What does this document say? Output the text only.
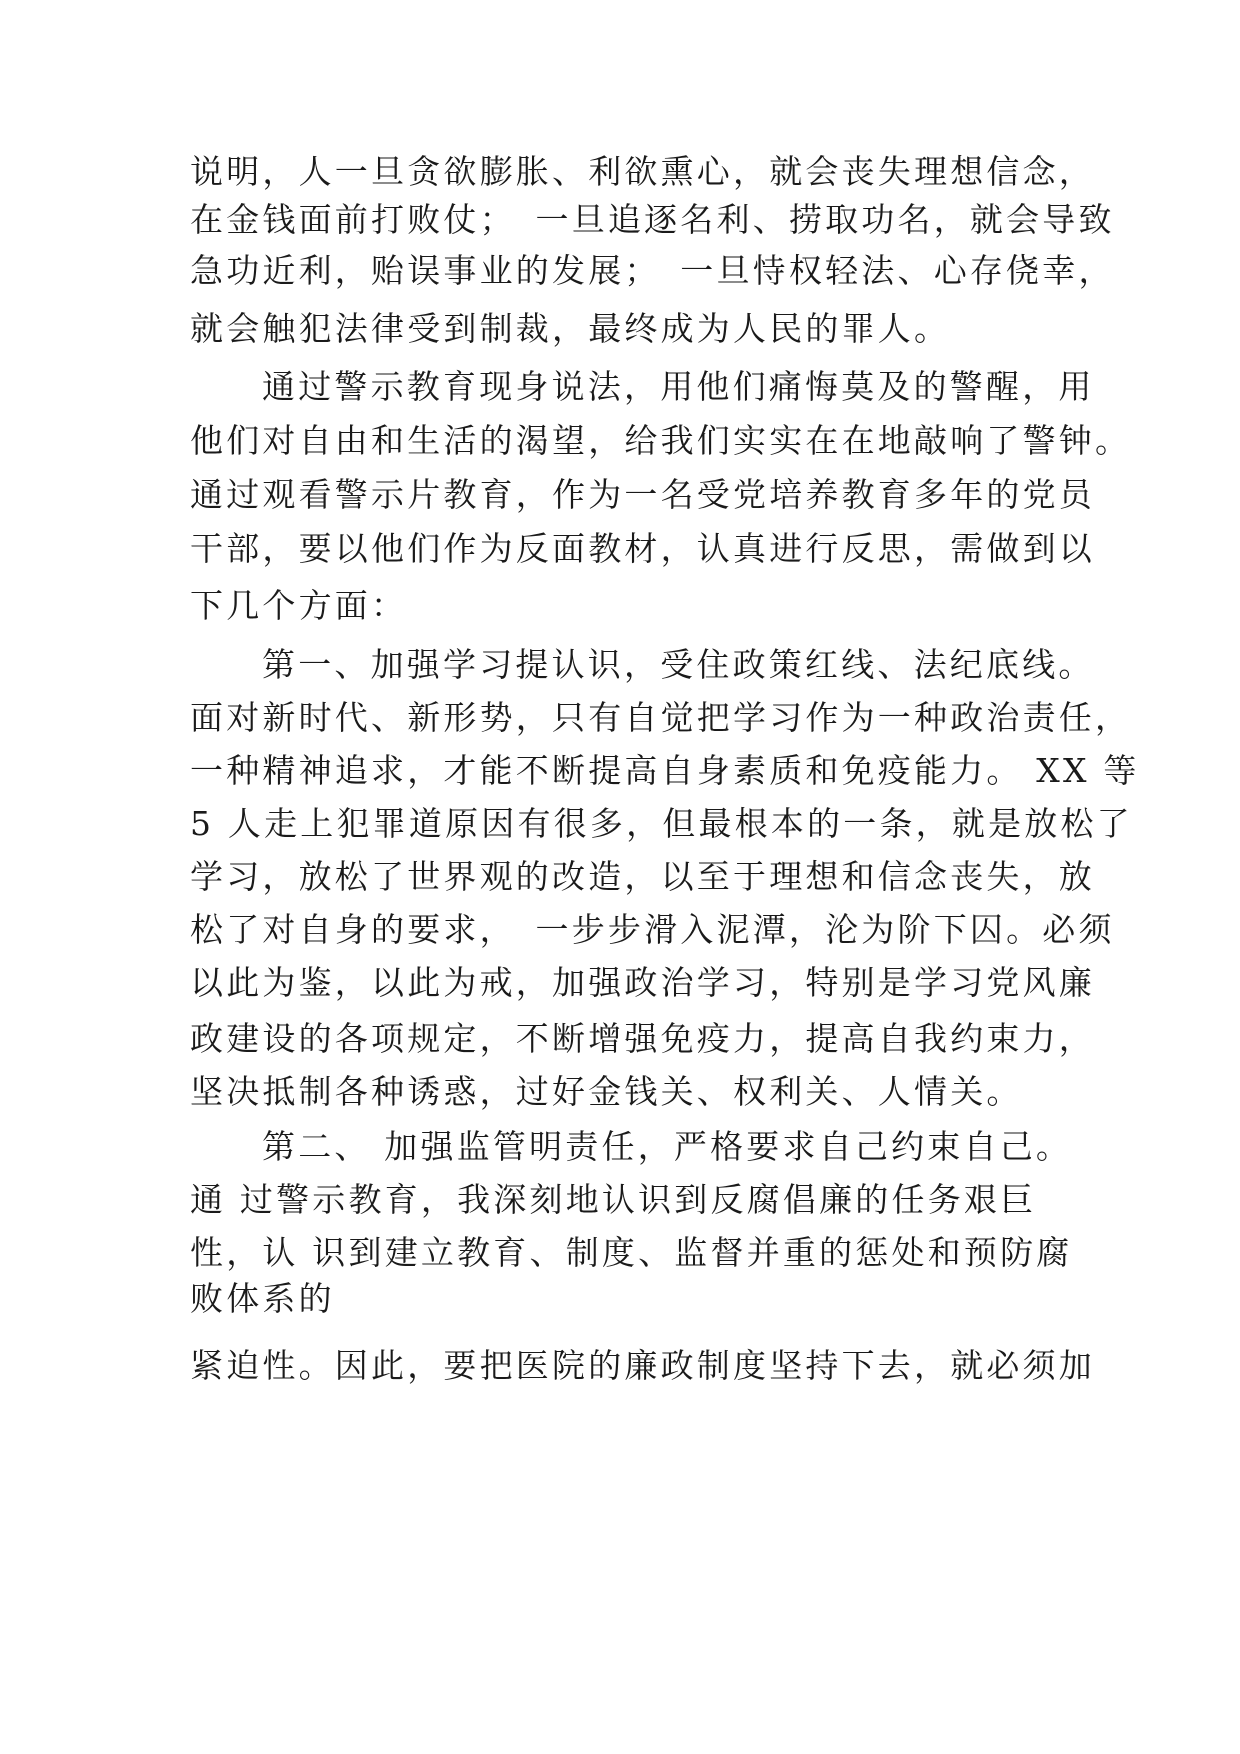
说明，人一旦贪欲膨胀、利欲熏心，就会丧失理想信念，

在金钱面前打败仗；　一旦追逐名利、捞取功名，就会导致

急功近利，贻误事业的发展；　一旦恃权轻法、心存侥幸，

就会触犯法律受到制裁，最终成为人民的罪人。

通过警示教育现身说法，用他们痛悔莫及的警醒，用

他们对自由和生活的渴望，给我们实实在在地敲响了警钟。

通过观看警示片教育，作为一名受党培养教育多年的党员

干部，要以他们作为反面教材，认真进行反思，需做到以

下几个方面：

第一、加强学习提认识，受住政策红线、法纪底线。

面对新时代、新形势，只有自觉把学习作为一种政治责任，

一种精神追求，才能不断提高自身素质和免疫能力。 XX 等

5 人走上犯罪道原因有很多，但最根本的一条，就是放松了

学习，放松了世界观的改造，以至于理想和信念丧失，放

松了对自身的要求，　一步步滑入泥潭，沦为阶下囚。必须

以此为鉴，以此为戒，加强政治学习，特别是学习党风廉

政建设的各项规定，不断增强免疫力，提高自我约束力，

坚决抵制各种诱惑，过好金钱关、权利关、人情关。

第二、 加强监管明责任，严格要求自己约束自己。

通 过警示教育，我深刻地认识到反腐倡廉的任务艰巨

性，认 识到建立教育、制度、监督并重的惩处和预防腐

败体系的

紧迫性。因此，要把医院的廉政制度坚持下去，就必须加
